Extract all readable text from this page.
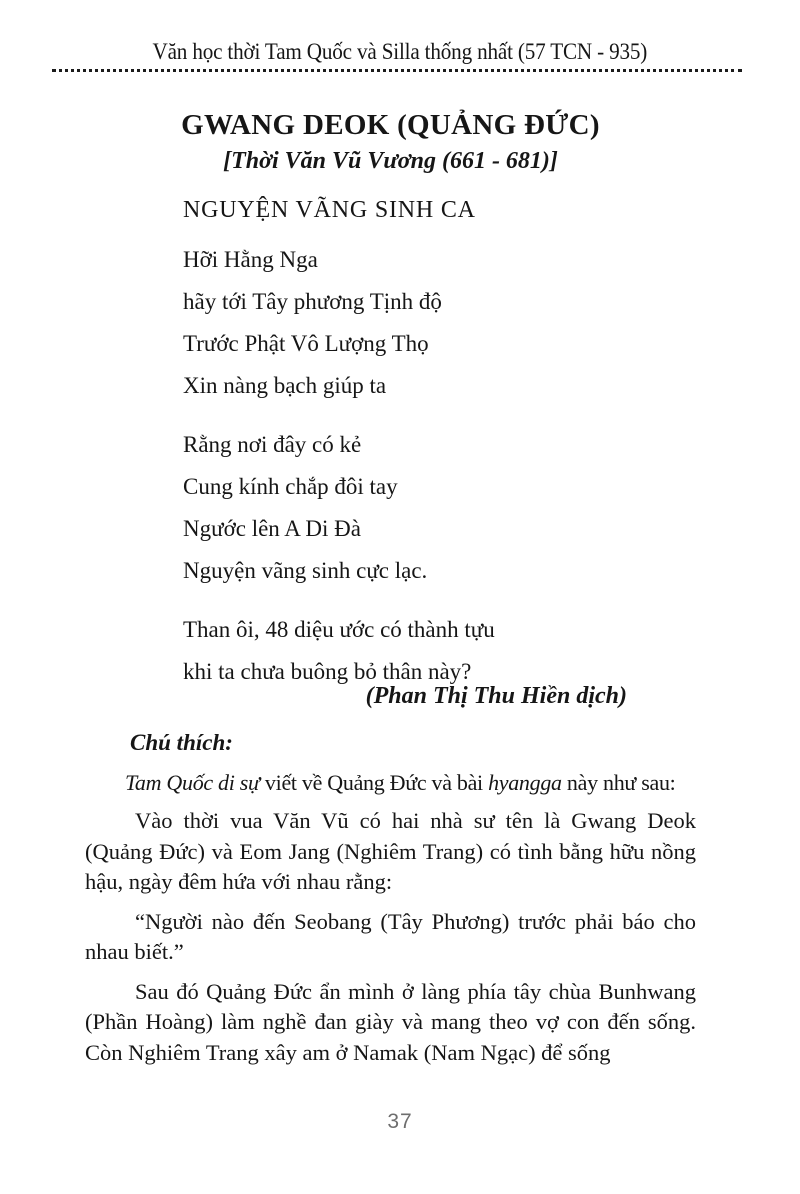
Văn học thời Tam Quốc và Silla thống nhất (57 TCN - 935)
GWANG DEOK (QUẢNG ĐỨC)
[Thời Văn Vũ Vương (661 - 681)]
NGUYỆN VÃNG SINH CA
Hỡi Hằng Nga
hãy tới Tây phương Tịnh độ
Trước Phật Vô Lượng Thọ
Xin nàng bạch giúp ta
Rằng nơi đây có kẻ
Cung kính chắp đôi tay
Ngước lên A Di Đà
Nguyện vãng sinh cực lạc.
Than ôi, 48 diệu ước có thành tựu
khi ta chưa buông bỏ thân này?
(Phan Thị Thu Hiền dịch)
Chú thích:

Tam Quốc di sự viết về Quảng Đức và bài hyangga này như sau:

Vào thời vua Văn Vũ có hai nhà sư tên là Gwang Deok (Quảng Đức) và Eom Jang (Nghiêm Trang) có tình bằng hữu nồng hậu, ngày đêm hứa với nhau rằng:

“Người nào đến Seobang (Tây Phương) trước phải báo cho nhau biết.”

Sau đó Quảng Đức ẩn mình ở làng phía tây chùa Bunhwang (Phần Hoàng) làm nghề đan giày và mang theo vợ con đến sống. Còn Nghiêm Trang xây am ở Namak (Nam Ngạc) để sống

37
